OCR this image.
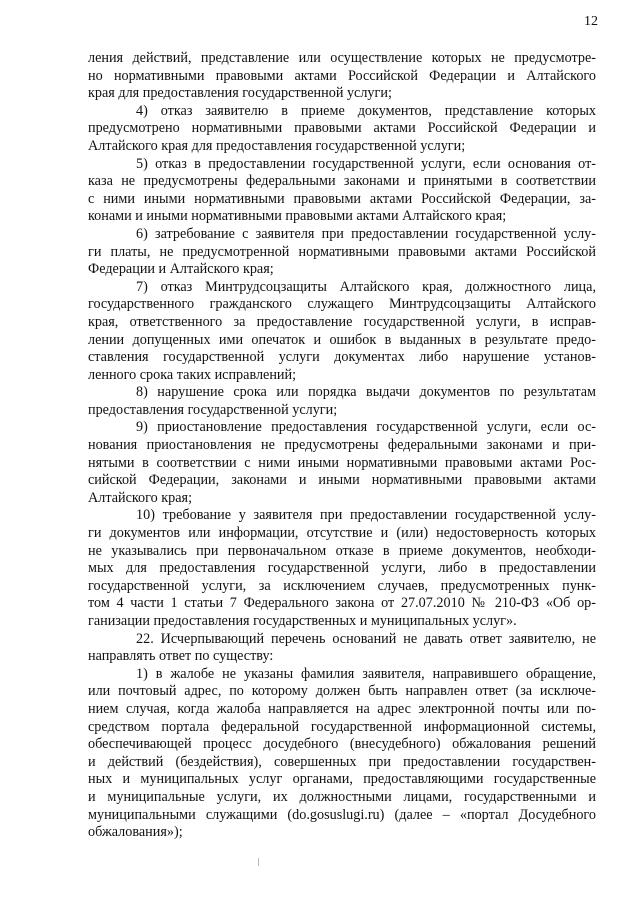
12

ления действий, представление или осуществление которых не предусмотре-
но нормативными правовыми актами Российской Федерации и Алтайского
края для предоставления государственной услуги;

4) отказ заявителю в приеме документов, представление которых
предусмотрено нормативными правовыми актами Российской Федерации и
Алтайского края для предоставления государственной услуги;

5) отказ в предоставлении государственной услуги, если основания от-
каза не предусмотрены федеральными законами и принятыми в соответствии
с ними иными нормативными правовыми актами Российской Федерации, за-
конами и иными нормативными правовыми актами Алтайского края;

6) затребование с заявителя при предоставлении государственной услу-
ги платы, не предусмотренной нормативными правовыми актами Российской
Федерации и Алтайского края;

7) отказ Минтрудсоцзащиты Алтайского края, должностного лица,
государственного гражданского служащего Минтрудсоцзащиты Алтайского
края, ответственного за предоставление государственной услуги, в исправ-
лении допущенных ими опечаток и ошибок в выданных в результате предо-
ставления государственной услуги документах либо нарушение установ-
ленного срока таких исправлений;

8) нарушение срока или порядка выдачи документов по результатам
предоставления государственной услуги;

9) приостановление предоставления государственной услуги, если ос-
нования приостановления не предусмотрены федеральными законами и при-
нятыми в соответствии с ними иными нормативными правовыми актами Рос-
сийской Федерации, законами и иными нормативными правовыми актами
Алтайского края;

10) требование у заявителя при предоставлении государственной услу-
ги документов или информации, отсутствие и (или) недостоверность которых
не указывались при первоначальном отказе в приеме документов, необходи-
мых для предоставления государственной услуги, либо в предоставлении
государственной услуги, за исключением случаев, предусмотренных пунк-
том 4 части 1 статьи 7 Федерального закона от 27.07.2010 № 210-ФЗ «Об ор-
ганизации предоставления государственных и муниципальных услуг».

22. Исчерпывающий перечень оснований не давать ответ заявителю, не
направлять ответ по существу:

1) в жалобе не указаны фамилия заявителя, направившего обращение,
или почтовый адрес, по которому должен быть направлен ответ (за исключе-
нием случая, когда жалоба направляется на адрес электронной почты или по-
средством портала федеральной государственной информационной системы,
обеспечивающей процесс досудебного (внесудебного) обжалования решений
и действий (бездействия), совершенных при предоставлении государствен-
ных и муниципальных услуг органами, предоставляющими государственные
и муниципальные услуги, их должностными лицами, государственными и
муниципальными служащими (do.gosuslugi.ru) (далее – «портал Досудебного
обжалования»);
